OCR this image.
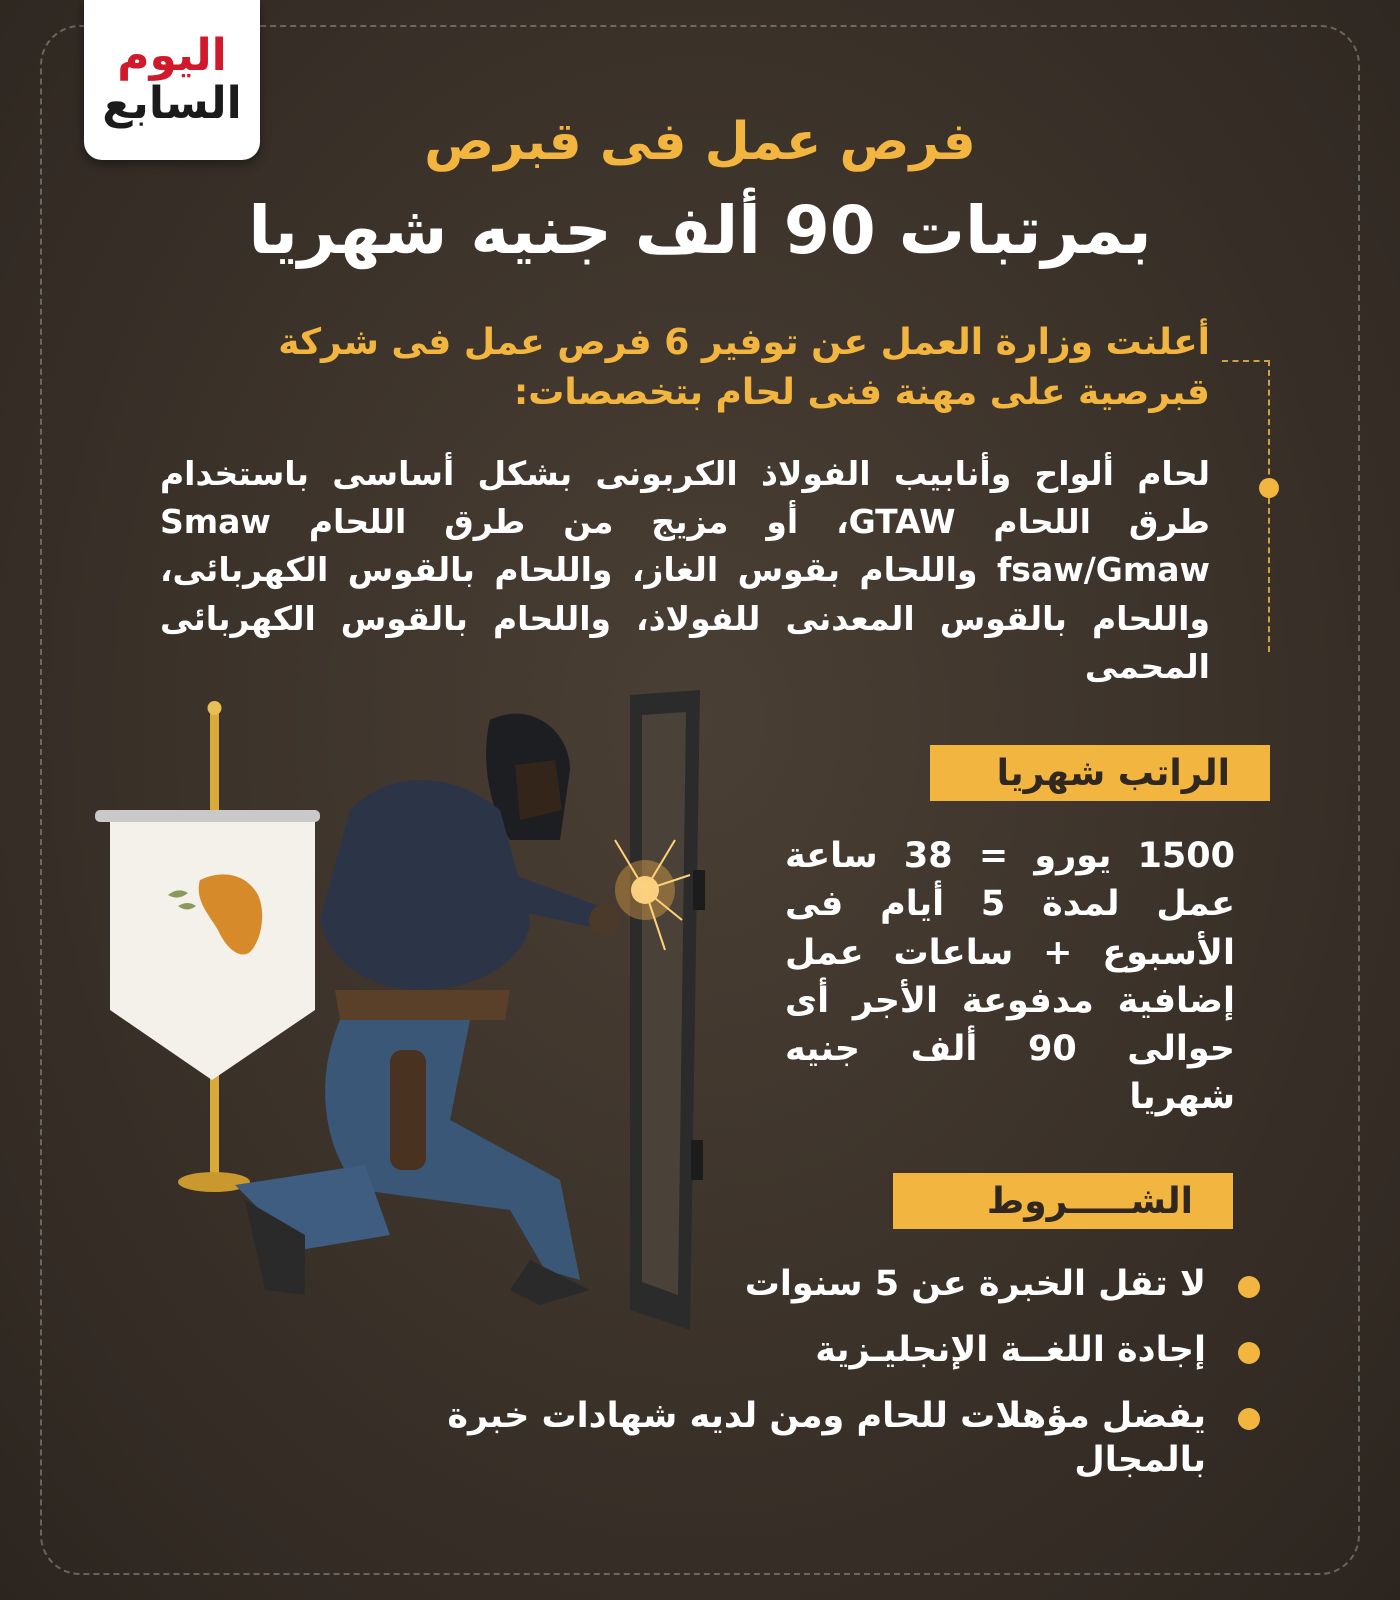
اليوم
السابع
فرص عمل فى قبرص
بمرتبات 90 ألف جنيه شهريا
أعلنت وزارة العمل عن توفير 6 فرص عمل فى شركة قبرصية على مهنة فنى لحام بتخصصات:
لحام ألواح وأنابيب الفولاذ الكربونى بشكل أساسى باستخدام طرق اللحام GTAW، أو مزيج من طرق اللحام Smaw fsaw/Gmaw واللحام بقوس الغاز، واللحام بالقوس الكهربائى، واللحام بالقوس المعدنى للفولاذ، واللحام بالقوس الكهربائى المحمى
الراتب شهريا
1500 يورو = 38 ساعة عمل لمدة 5 أيام فى الأسبوع + ساعات عمل إضافية مدفوعة الأجر أى حوالى 90 ألف جنيه شهريا
الشـــــروط
لا تقل الخبرة عن 5 سنوات
إجادة اللغــة الإنجليـزية
يفضل مؤهلات للحام ومن لديه شهادات خبرة بالمجال
